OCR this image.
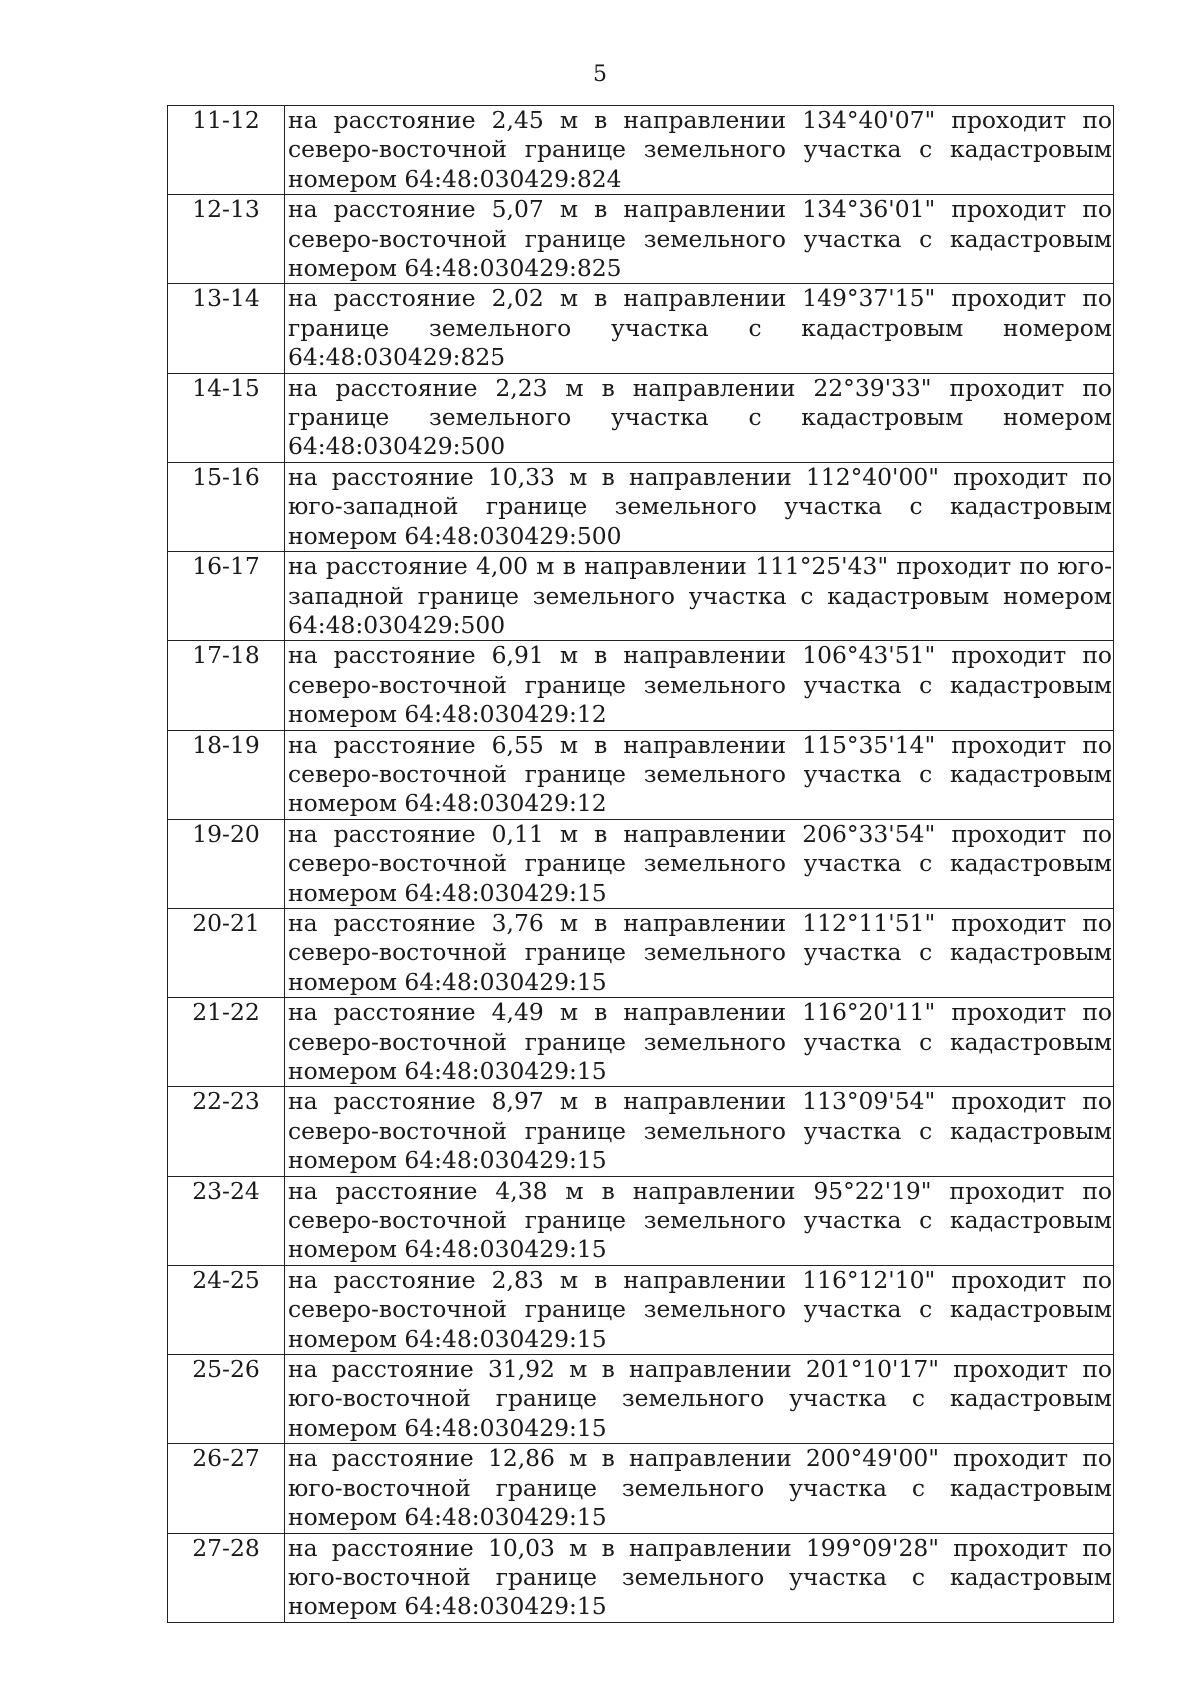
5
11-12	на расстояние 2,45 м в направлении 134°40'07" проходит по северо-восточной границе земельного участка с кадастровым номером 64:48:030429:824
12-13	на расстояние 5,07 м в направлении 134°36'01" проходит по северо-восточной границе земельного участка с кадастровым номером 64:48:030429:825
13-14	на расстояние 2,02 м в направлении 149°37'15" проходит по границе земельного участка с кадастровым номером 64:48:030429:825
14-15	на расстояние 2,23 м в направлении 22°39'33" проходит по границе земельного участка с кадастровым номером 64:48:030429:500
15-16	на расстояние 10,33 м в направлении 112°40'00" проходит по юго-западной границе земельного участка с кадастровым номером 64:48:030429:500
16-17	на расстояние 4,00 м в направлении 111°25'43" проходит по юго-западной границе земельного участка с кадастровым номером 64:48:030429:500
17-18	на расстояние 6,91 м в направлении 106°43'51" проходит по северо-восточной границе земельного участка с кадастровым номером 64:48:030429:12
18-19	на расстояние 6,55 м в направлении 115°35'14" проходит по северо-восточной границе земельного участка с кадастровым номером 64:48:030429:12
19-20	на расстояние 0,11 м в направлении 206°33'54" проходит по северо-восточной границе земельного участка с кадастровым номером 64:48:030429:15
20-21	на расстояние 3,76 м в направлении 112°11'51" проходит по северо-восточной границе земельного участка с кадастровым номером 64:48:030429:15
21-22	на расстояние 4,49 м в направлении 116°20'11" проходит по северо-восточной границе земельного участка с кадастровым номером 64:48:030429:15
22-23	на расстояние 8,97 м в направлении 113°09'54" проходит по северо-восточной границе земельного участка с кадастровым номером 64:48:030429:15
23-24	на расстояние 4,38 м в направлении 95°22'19" проходит по северо-восточной границе земельного участка с кадастровым номером 64:48:030429:15
24-25	на расстояние 2,83 м в направлении 116°12'10" проходит по северо-восточной границе земельного участка с кадастровым номером 64:48:030429:15
25-26	на расстояние 31,92 м в направлении 201°10'17" проходит по юго-восточной границе земельного участка с кадастровым номером 64:48:030429:15
26-27	на расстояние 12,86 м в направлении 200°49'00" проходит по юго-восточной границе земельного участка с кадастровым номером 64:48:030429:15
27-28	на расстояние 10,03 м в направлении 199°09'28" проходит по юго-восточной границе земельного участка с кадастровым номером 64:48:030429:15
